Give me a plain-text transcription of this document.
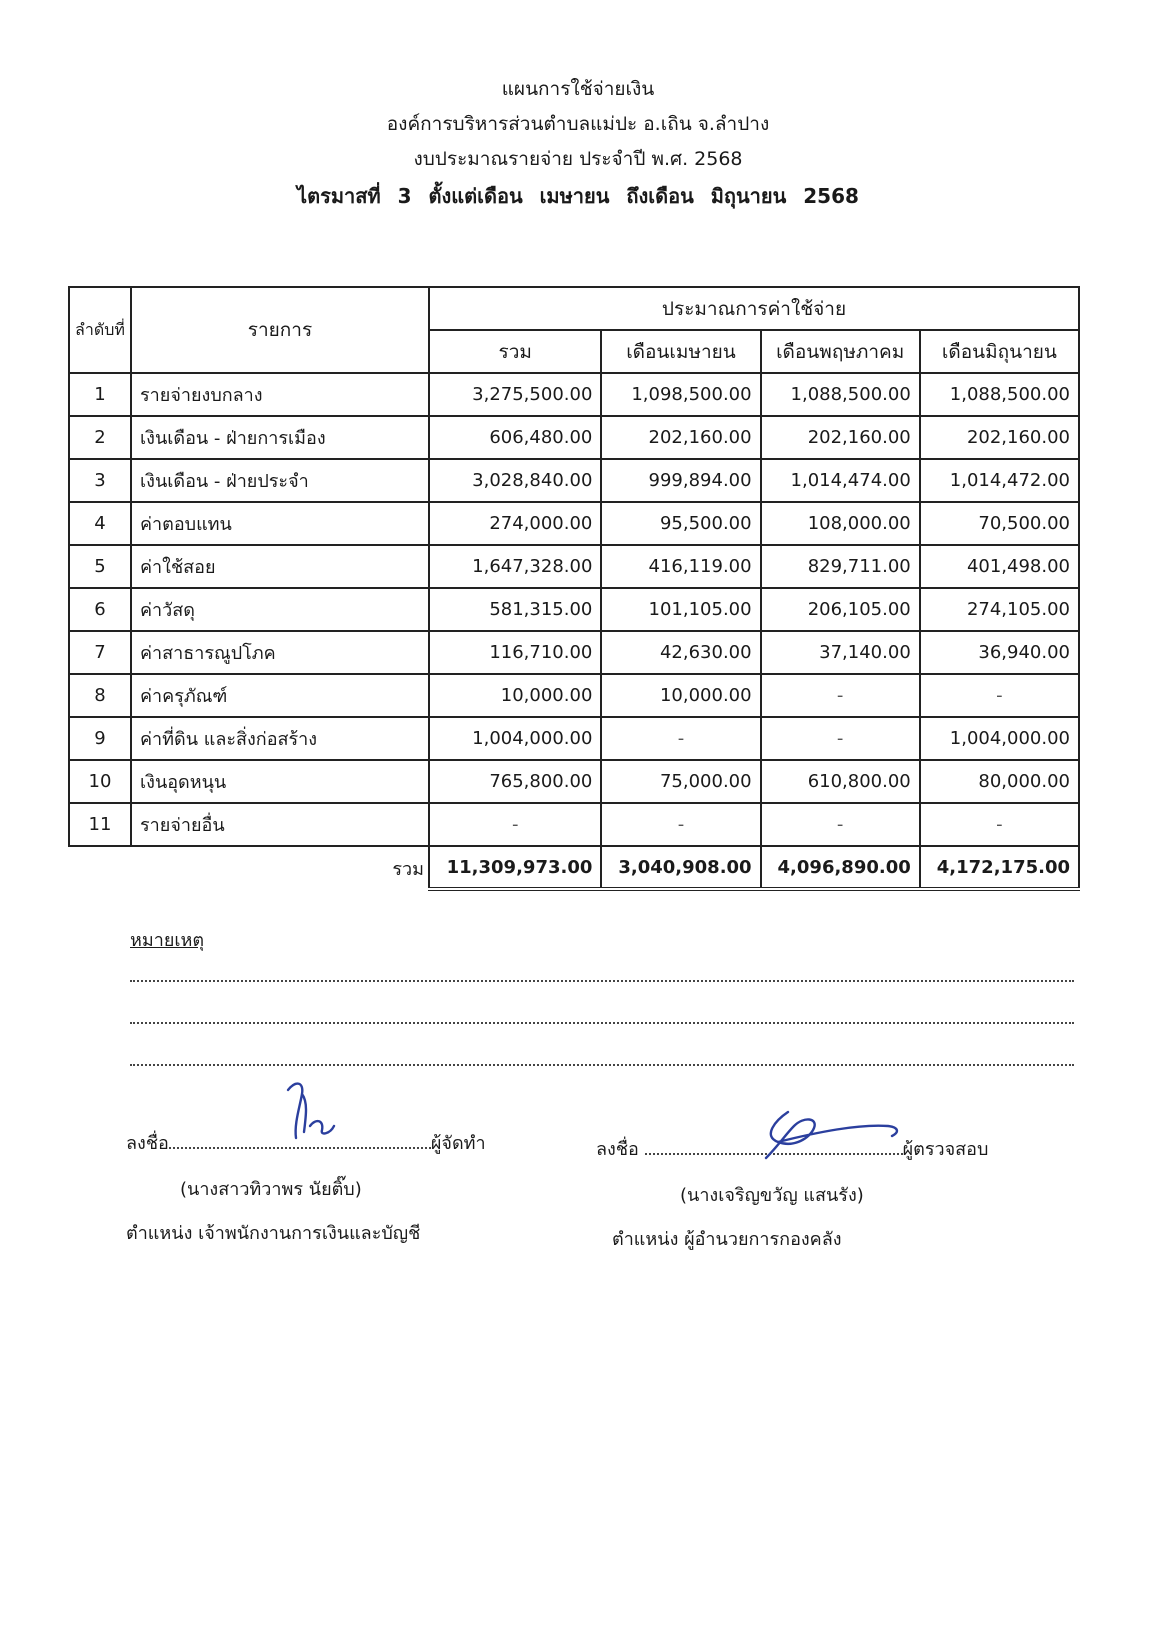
แผนการใช้จ่ายเงิน
องค์การบริหารส่วนตำบลแม่ปะ อ.เถิน จ.ลำปาง
งบประมาณรายจ่าย ประจำปี พ.ศ. 2568
ไตรมาสที่ 3 ตั้งแต่เดือน เมษายน ถึงเดือน มิถุนายน 2568
ลำดับที่	รายการ	ประมาณการค่าใช้จ่าย			
		รวม	เดือนเมษายน	เดือนพฤษภาคม	เดือนมิถุนายน
1	รายจ่ายงบกลาง	3,275,500.00	1,098,500.00	1,088,500.00	1,088,500.00
2	เงินเดือน - ฝ่ายการเมือง	606,480.00	202,160.00	202,160.00	202,160.00
3	เงินเดือน - ฝ่ายประจำ	3,028,840.00	999,894.00	1,014,474.00	1,014,472.00
4	ค่าตอบแทน	274,000.00	95,500.00	108,000.00	70,500.00
5	ค่าใช้สอย	1,647,328.00	416,119.00	829,711.00	401,498.00
6	ค่าวัสดุ	581,315.00	101,105.00	206,105.00	274,105.00
7	ค่าสาธารณูปโภค	116,710.00	42,630.00	37,140.00	36,940.00
8	ค่าครุภัณฑ์	10,000.00	10,000.00	-	-
9	ค่าที่ดิน และสิ่งก่อสร้าง	1,004,000.00	-	-	1,004,000.00
10	เงินอุดหนุน	765,800.00	75,000.00	610,800.00	80,000.00
11	รายจ่ายอื่น	-	-	-	-
	รวม	11,309,973.00	3,040,908.00	4,096,890.00	4,172,175.00
หมายเหตุ
ลงชื่อ	ผู้จัดทำ
(นางสาวทิวาพร นัยติ๊บ)
ตำแหน่ง เจ้าพนักงานการเงินและบัญชี
ลงชื่อ	ผู้ตรวจสอบ
(นางเจริญขวัญ แสนรัง)
ตำแหน่ง ผู้อำนวยการกองคลัง
